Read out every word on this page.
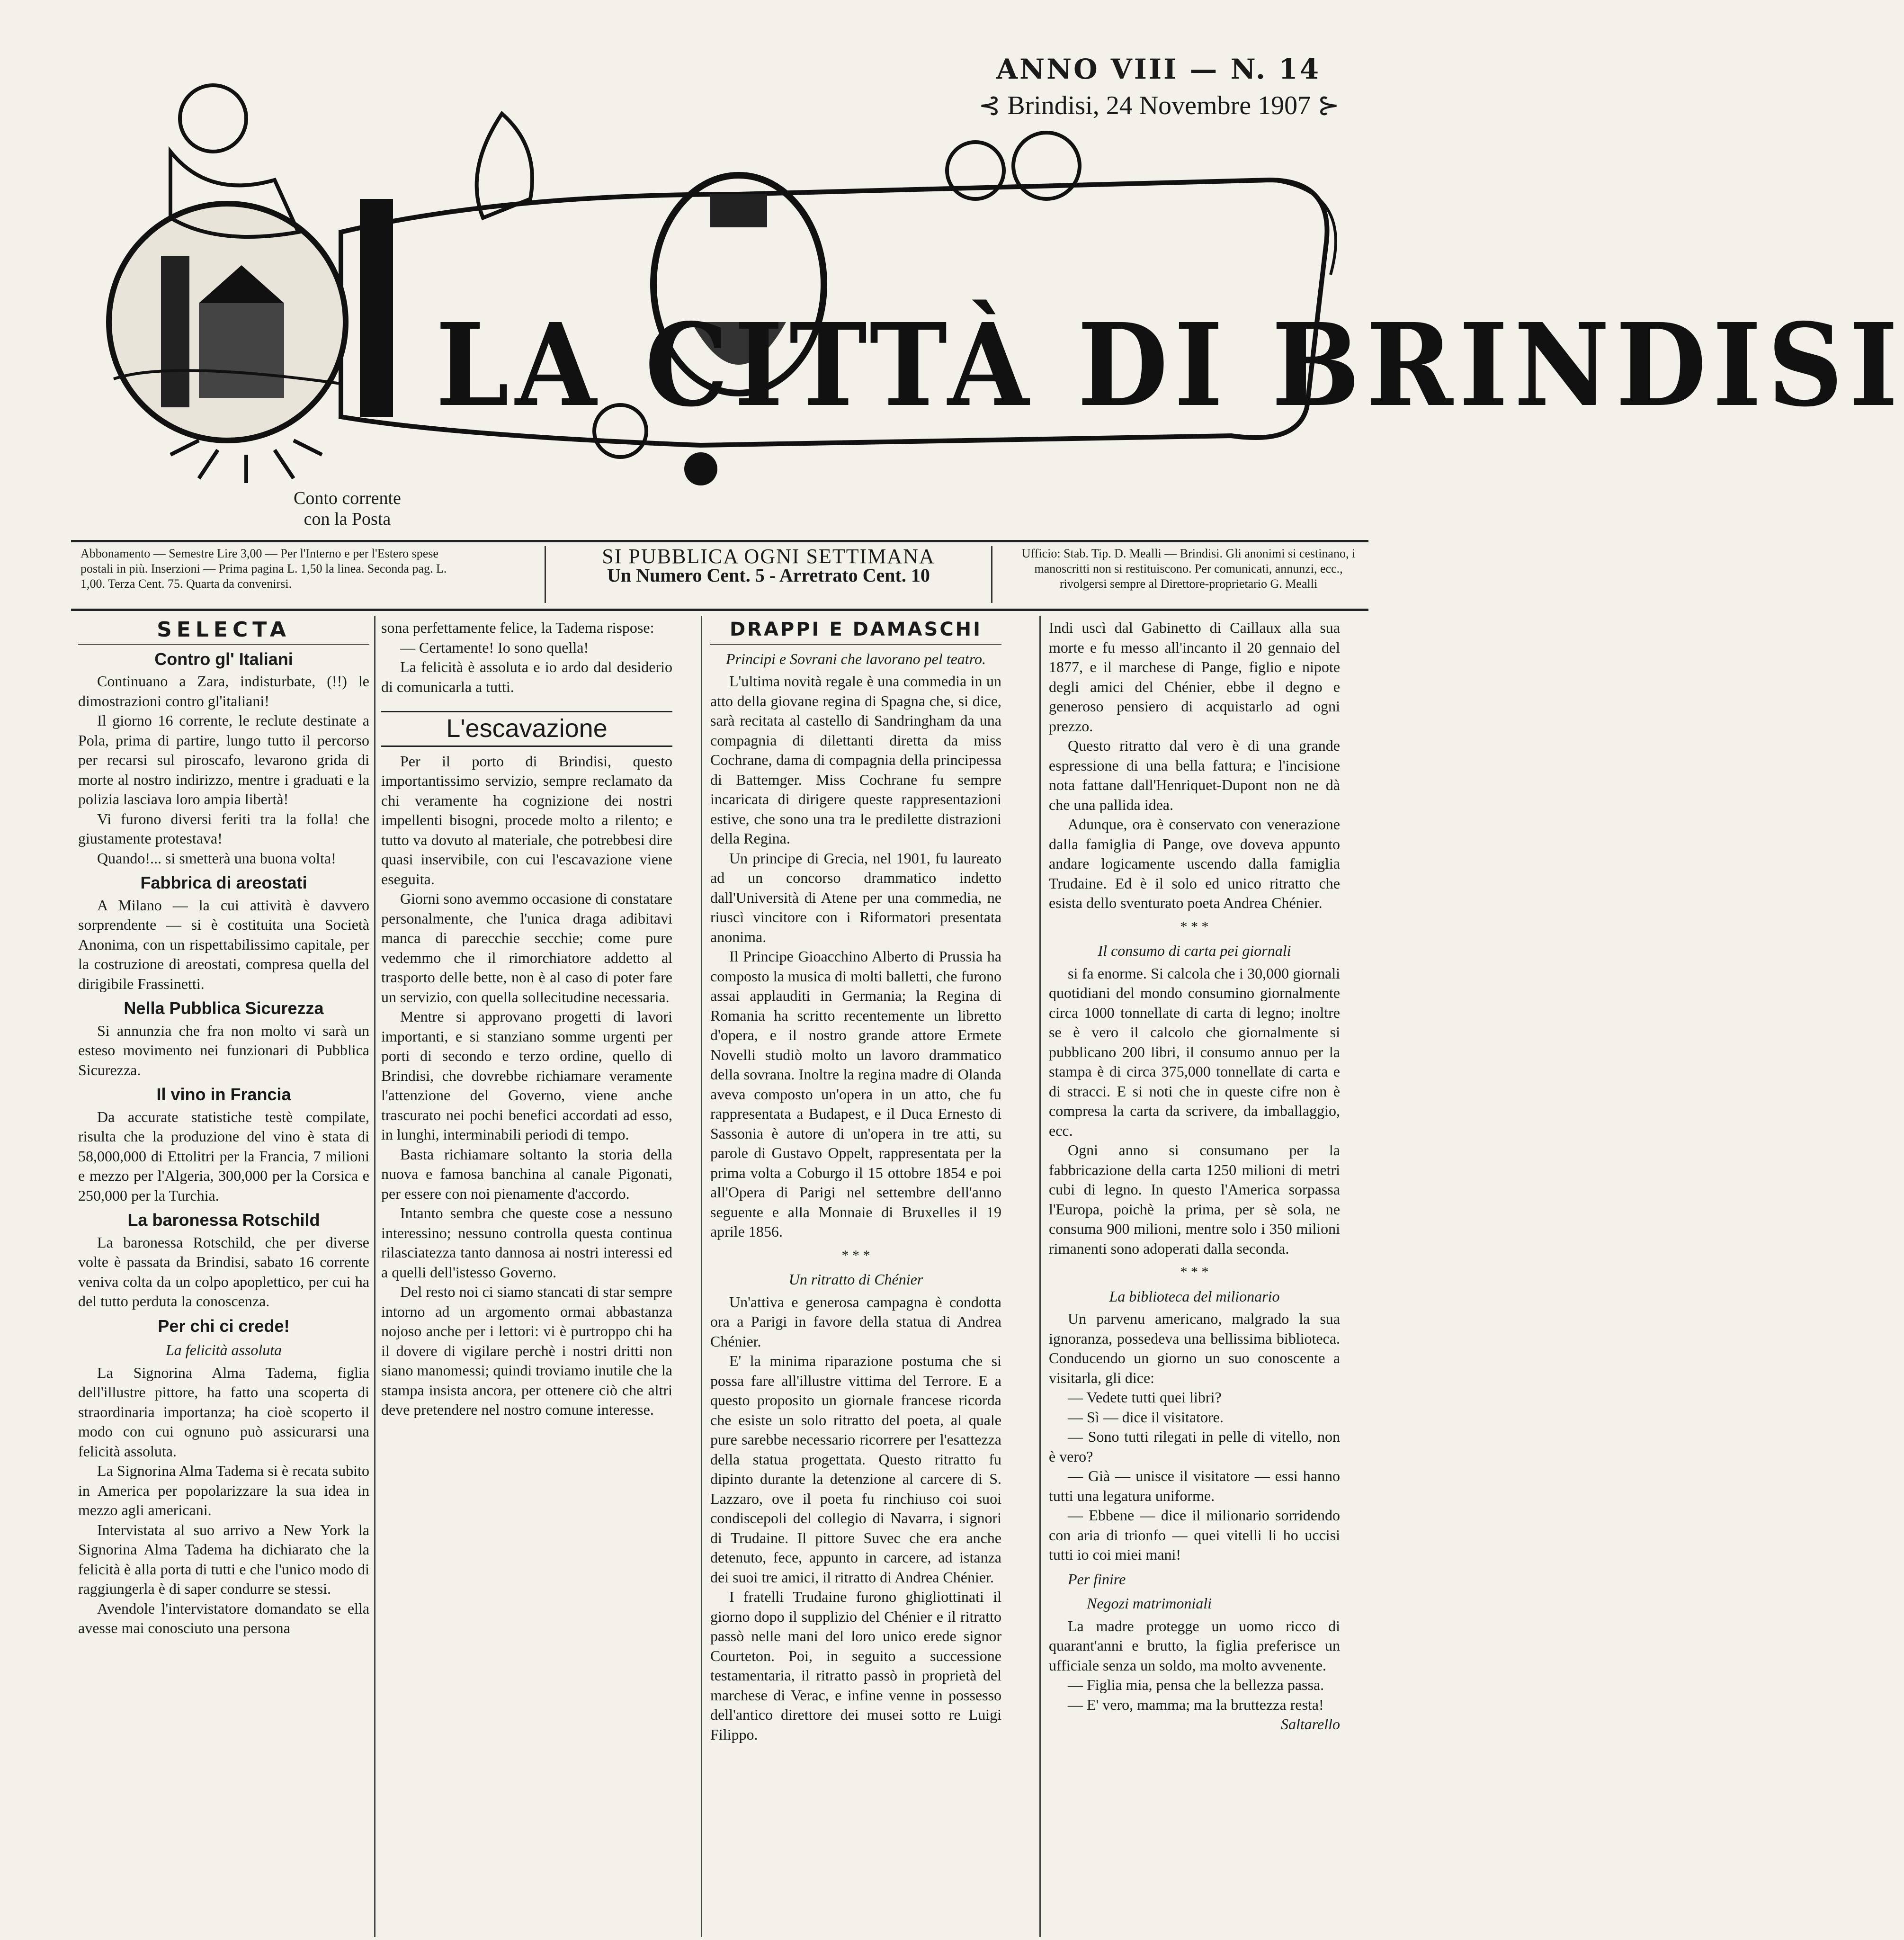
ANNO VIII — N. 14
⊰ Brindisi, 24 Novembre 1907 ⊱
LA CITTÀ DI BRINDISI
Conto corrente
con la Posta
Abbonamento — Semestre Lire 3,00 — Per l'Interno e per l'Estero spese postali in più. Inserzioni — Prima pagina L. 1,50 la linea. Seconda pag. L. 1,00. Terza Cent. 75. Quarta da convenirsi.
SI PUBBLICA OGNI SETTIMANA
Un Numero Cent. 5 - Arretrato Cent. 10
Ufficio: Stab. Tip. D. Mealli — Brindisi. Gli anonimi si cestinano, i manoscritti non si restituiscono. Per comunicati, annunzi, ecc., rivolgersi sempre al Direttore-proprietario G. Mealli
SELECTA
Contro gl' Italiani

Continuano a Zara, indisturbate, (!!) le dimostrazioni contro gl'italiani!

Il giorno 16 corrente, le reclute destinate a Pola, prima di partire, lungo tutto il percorso per recarsi sul piroscafo, levarono grida di morte al nostro indirizzo, mentre i graduati e la polizia lasciava loro ampia libertà!

Vi furono diversi feriti tra la folla! che giustamente protestava!

Quando!... si smetterà una buona volta!

Fabbrica di areostati

A Milano — la cui attività è davvero sorprendente — si è costituita una Società Anonima, con un rispettabilissimo capitale, per la costruzione di areostati, compresa quella del dirigibile Frassinetti.

Nella Pubblica Sicurezza

Si annunzia che fra non molto vi sarà un esteso movimento nei funzionari di Pubblica Sicurezza.

Il vino in Francia

Da accurate statistiche testè compilate, risulta che la produzione del vino è stata di 58,000,000 di Ettolitri per la Francia, 7 milioni e mezzo per l'Algeria, 300,000 per la Corsica e 250,000 per la Turchia.

La baronessa Rotschild

La baronessa Rotschild, che per diverse volte è passata da Brindisi, sabato 16 corrente veniva colta da un colpo apoplettico, per cui ha del tutto perduta la conoscenza.

Per chi ci crede!
La felicità assoluta

La Signorina Alma Tadema, figlia dell'illustre pittore, ha fatto una scoperta di straordinaria importanza; ha cioè scoperto il modo con cui ognuno può assicurarsi una felicità assoluta.

La Signorina Alma Tadema si è recata subito in America per popolarizzare la sua idea in mezzo agli americani.

Intervistata al suo arrivo a New York la Signorina Alma Tadema ha dichiarato che la felicità è alla porta di tutti e che l'unico modo di raggiungerla è di saper condurre se stessi.

Avendole l'intervistatore domandato se ella avesse mai conosciuto una persona

sona perfettamente felice, la Tadema rispose:

— Certamente! Io sono quella!

La felicità è assoluta e io ardo dal desiderio di comunicarla a tutti.

L'escavazione

Per il porto di Brindisi, questo importantissimo servizio, sempre reclamato da chi veramente ha cognizione dei nostri impellenti bisogni, procede molto a rilento; e tutto va dovuto al materiale, che potrebbesi dire quasi inservibile, con cui l'escavazione viene eseguita.

Giorni sono avemmo occasione di constatare personalmente, che l'unica draga adibitavi manca di parecchie secchie; come pure vedemmo che il rimorchiatore addetto al trasporto delle bette, non è al caso di poter fare un servizio, con quella sollecitudine necessaria.

Mentre si approvano progetti di lavori importanti, e si stanziano somme urgenti per porti di secondo e terzo ordine, quello di Brindisi, che dovrebbe richiamare veramente l'attenzione del Governo, viene anche trascurato nei pochi benefici accordati ad esso, in lunghi, interminabili periodi di tempo.

Basta richiamare soltanto la storia della nuova e famosa banchina al canale Pigonati, per essere con noi pienamente d'accordo.

Intanto sembra che queste cose a nessuno interessino; nessuno controlla questa continua rilasciatezza tanto dannosa ai nostri interessi ed a quelli dell'istesso Governo.

Del resto noi ci siamo stancati di star sempre intorno ad un argomento ormai abbastanza nojoso anche per i lettori: vi è purtroppo chi ha il dovere di vigilare perchè i nostri dritti non siano manomessi; quindi troviamo inutile che la stampa insista ancora, per ottenere ciò che altri deve pretendere nel nostro comune interesse.

DRAPPI E DAMASCHI
Principi e Sovrani che lavorano pel teatro.

L'ultima novità regale è una commedia in un atto della giovane regina di Spagna che, si dice, sarà recitata al castello di Sandringham da una compagnia di dilettanti diretta da miss Cochrane, dama di compagnia della principessa di Battemger. Miss Cochrane fu sempre incaricata di dirigere queste rappresentazioni estive, che sono una tra le predilette distrazioni della Regina.

Un principe di Grecia, nel 1901, fu laureato ad un concorso drammatico indetto dall'Università di Atene per una commedia, ne riuscì vincitore con i Riformatori presentata anonima.

Il Principe Gioacchino Alberto di Prussia ha composto la musica di molti balletti, che furono assai applauditi in Germania; la Regina di Romania ha scritto recentemente un libretto d'opera, e il nostro grande attore Ermete Novelli studiò molto un lavoro drammatico della sovrana. Inoltre la regina madre di Olanda aveva composto un'opera in un atto, che fu rappresentata a Budapest, e il Duca Ernesto di Sassonia è autore di un'opera in tre atti, su parole di Gustavo Oppelt, rappresentata per la prima volta a Coburgo il 15 ottobre 1854 e poi all'Opera di Parigi nel settembre dell'anno seguente e alla Monnaie di Bruxelles il 19 aprile 1856.

* * *
Un ritratto di Chénier

Un'attiva e generosa campagna è condotta ora a Parigi in favore della statua di Andrea Chénier.

E' la minima riparazione postuma che si possa fare all'illustre vittima del Terrore. E a questo proposito un giornale francese ricorda che esiste un solo ritratto del poeta, al quale pure sarebbe necessario ricorrere per l'esattezza della statua progettata. Questo ritratto fu dipinto durante la detenzione al carcere di S. Lazzaro, ove il poeta fu rinchiuso coi suoi condiscepoli del collegio di Navarra, i signori di Trudaine. Il pittore Suvec che era anche detenuto, fece, appunto in carcere, ad istanza dei suoi tre amici, il ritratto di Andrea Chénier.

I fratelli Trudaine furono ghigliottinati il giorno dopo il supplizio del Chénier e il ritratto passò nelle mani del loro unico erede signor Courteton. Poi, in seguito a successione testamentaria, il ritratto passò in proprietà del marchese di Verac, e infine venne in possesso dell'antico direttore dei musei sotto re Luigi Filippo.

Indi uscì dal Gabinetto di Caillaux alla sua morte e fu messo all'incanto il 20 gennaio del 1877, e il marchese di Pange, figlio e nipote degli amici del Chénier, ebbe il degno e generoso pensiero di acquistarlo ad ogni prezzo.

Questo ritratto dal vero è di una grande espressione di una bella fattura; e l'incisione nota fattane dall'Henriquet-Dupont non ne dà che una pallida idea.

Adunque, ora è conservato con venerazione dalla famiglia di Pange, ove doveva appunto andare logicamente uscendo dalla famiglia Trudaine. Ed è il solo ed unico ritratto che esista dello sventurato poeta Andrea Chénier.

* * *
Il consumo di carta pei giornali

si fa enorme. Si calcola che i 30,000 giornali quotidiani del mondo consumino giornalmente circa 1000 tonnellate di carta di legno; inoltre se è vero il calcolo che giornalmente si pubblicano 200 libri, il consumo annuo per la stampa è di circa 375,000 tonnellate di carta e di stracci. E si noti che in queste cifre non è compresa la carta da scrivere, da imballaggio, ecc.

Ogni anno si consumano per la fabbricazione della carta 1250 milioni di metri cubi di legno. In questo l'America sorpassa l'Europa, poichè la prima, per sè sola, ne consuma 900 milioni, mentre solo i 350 milioni rimanenti sono adoperati dalla seconda.

* * *
La biblioteca del milionario

Un parvenu americano, malgrado la sua ignoranza, possedeva una bellissima biblioteca. Conducendo un giorno un suo conoscente a visitarla, gli dice:

— Vedete tutti quei libri?

— Sì — dice il visitatore.

— Sono tutti rilegati in pelle di vitello, non è vero?

— Già — unisce il visitatore — essi hanno tutti una legatura uniforme.

— Ebbene — dice il milionario sorridendo con aria di trionfo — quei vitelli li ho uccisi tutti io coi miei mani!

Per finire
Negozi matrimoniali

La madre protegge un uomo ricco di quarant'anni e brutto, la figlia preferisce un ufficiale senza un soldo, ma molto avvenente.

— Figlia mia, pensa che la bellezza passa.

— E' vero, mamma; ma la bruttezza resta!

Saltarello
